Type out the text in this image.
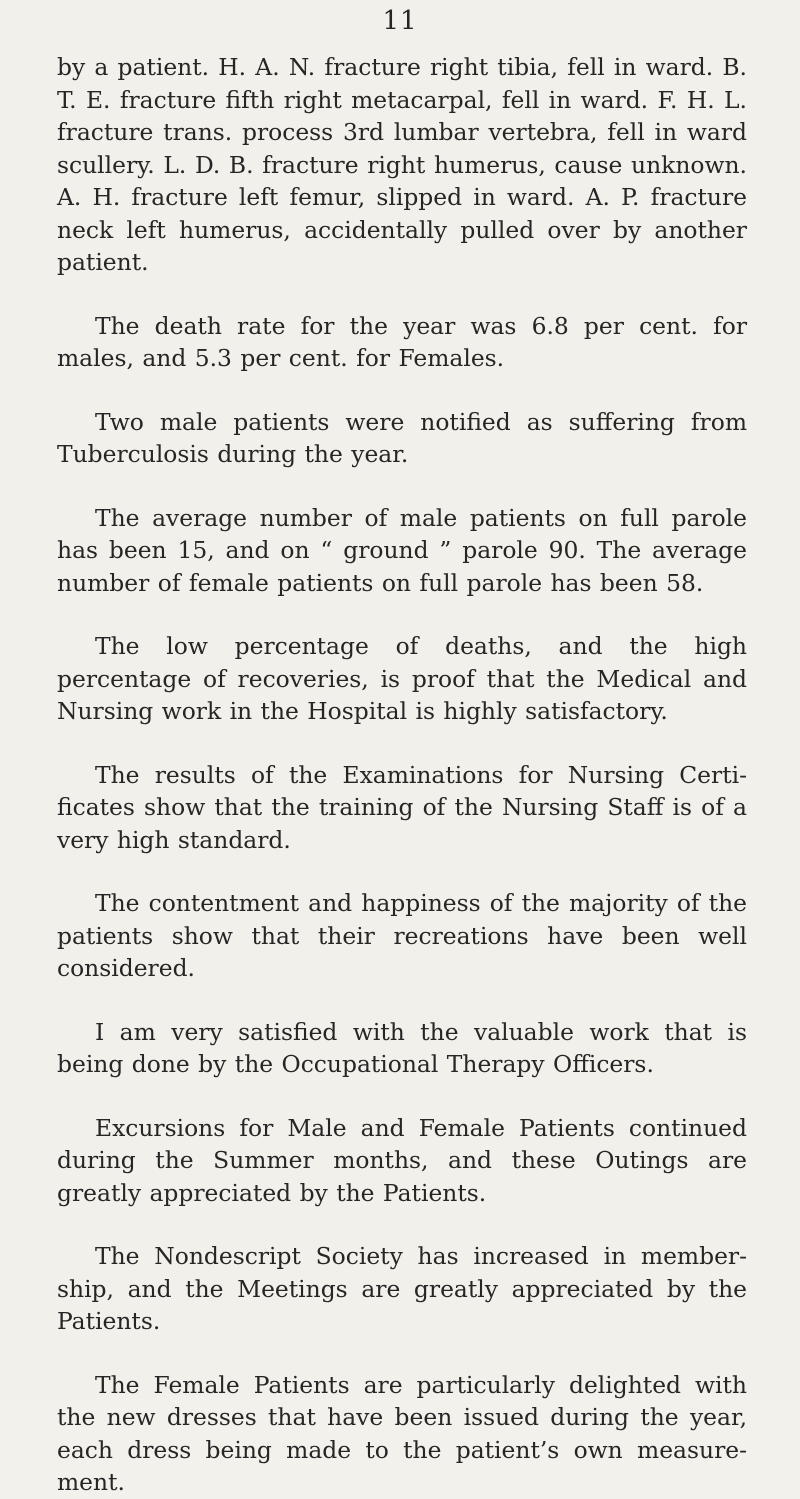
11

by a patient. H. A. N. fracture right tibia, fell in ward. B. T. E. fracture fifth right metacarpal, fell in ward. F. H. L. fracture trans. process 3rd lumbar vertebra, fell in ward scullery. L. D. B. fracture right humerus, cause unknown. A. H. fracture left femur, slipped in ward. A. P. fracture neck left humerus, accidentally pulled over by another patient.

The death rate for the year was 6.8 per cent. for males, and 5.3 per cent. for Females.

Two male patients were notified as suffering from Tuberculosis during the year.

The average number of male patients on full parole has been 15, and on “ ground ” parole 90. The average number of female patients on full parole has been 58.

The low percentage of deaths, and the high percentage of recoveries, is proof that the Medical and Nursing work in the Hospital is highly satisfactory.

The results of the Examinations for Nursing Certi-ficates show that the training of the Nursing Staff is of a very high standard.

The contentment and happiness of the majority of the patients show that their recreations have been well considered.

I am very satisfied with the valuable work that is being done by the Occupational Therapy Officers.

Excursions for Male and Female Patients continued during the Summer months, and these Outings are greatly appreciated by the Patients.

The Nondescript Society has increased in member-ship, and the Meetings are greatly appreciated by the Patients.

The Female Patients are particularly delighted with the new dresses that have been issued during the year, each dress being made to the patient’s own measure-ment.
